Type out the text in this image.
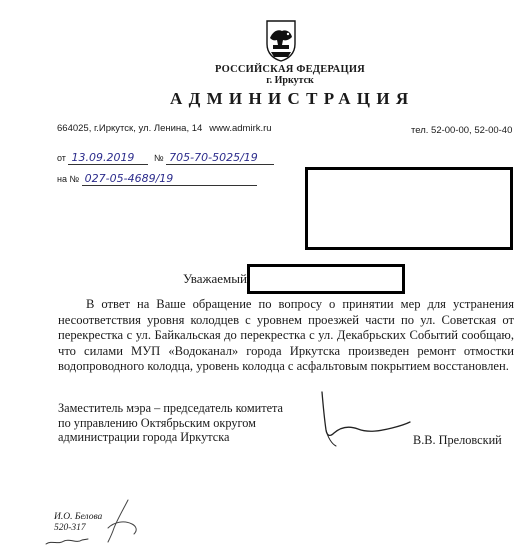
РОССИЙСКАЯ ФЕДЕРАЦИЯ
г. Иркутск
АДМИНИСТРАЦИЯ
664025, г.Иркутск, ул. Ленина, 14 www.admirk.ru	тел. 52-00-00, 52-00-40
от 13.09.2019 № 705-70-5025/19
на № 027-05-4689/19
Уважаемый
В ответ на Ваше обращение по вопросу о принятии мер для устранения несоответствия уровня колодцев с уровнем проезжей части по ул. Советская от перекрестка с ул. Байкальская до перекрестка с ул. Декабрьских Событий сообщаю, что силами МУП «Водоканал» города Иркутска произведен ремонт отмостки водопроводного колодца, уровень колодца с асфальтовым покрытием восстановлен.
Заместитель мэра – председатель комитета
по управлению Октябрьским округом
администрации города Иркутска	В.В. Преловский
И.О. Белова
520-317
